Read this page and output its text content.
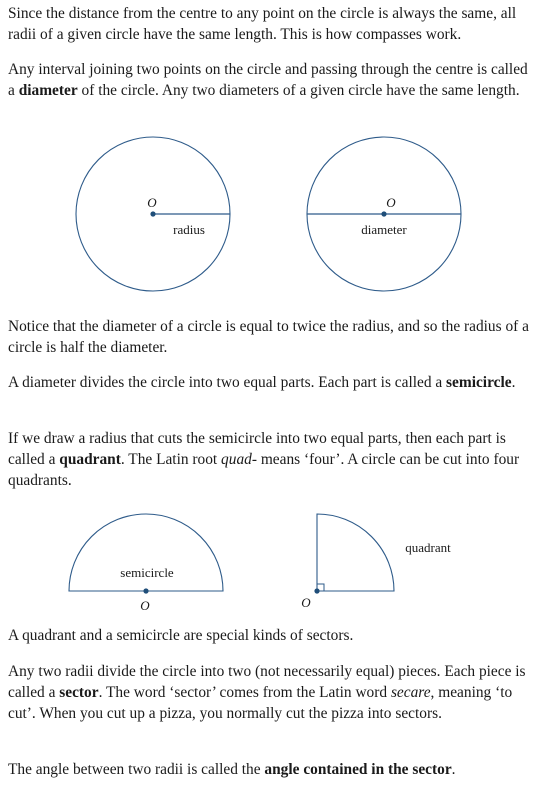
Since the distance from the centre to any point on the circle is always the same, all radii of a given circle have the same length. This is how compasses work.

Any interval joining two points on the circle and passing through the centre is called a diameter of the circle. Any two diameters of a given circle have the same length.

O
radius
O
diameter

Notice that the diameter of a circle is equal to twice the radius, and so the radius of a circle is half the diameter.

A diameter divides the circle into two equal parts. Each part is called a semicircle.

If we draw a radius that cuts the semicircle into two equal parts, then each part is called a quadrant. The Latin root quad- means ‘four’. A circle can be cut into four quadrants.

semicircle
O
quadrant
O

A quadrant and a semicircle are special kinds of sectors.

Any two radii divide the circle into two (not necessarily equal) pieces. Each piece is called a sector. The word ‘sector’ comes from the Latin word secare, meaning ‘to cut’. When you cut up a pizza, you normally cut the pizza into sectors.

The angle between two radii is called the angle contained in the sector.
